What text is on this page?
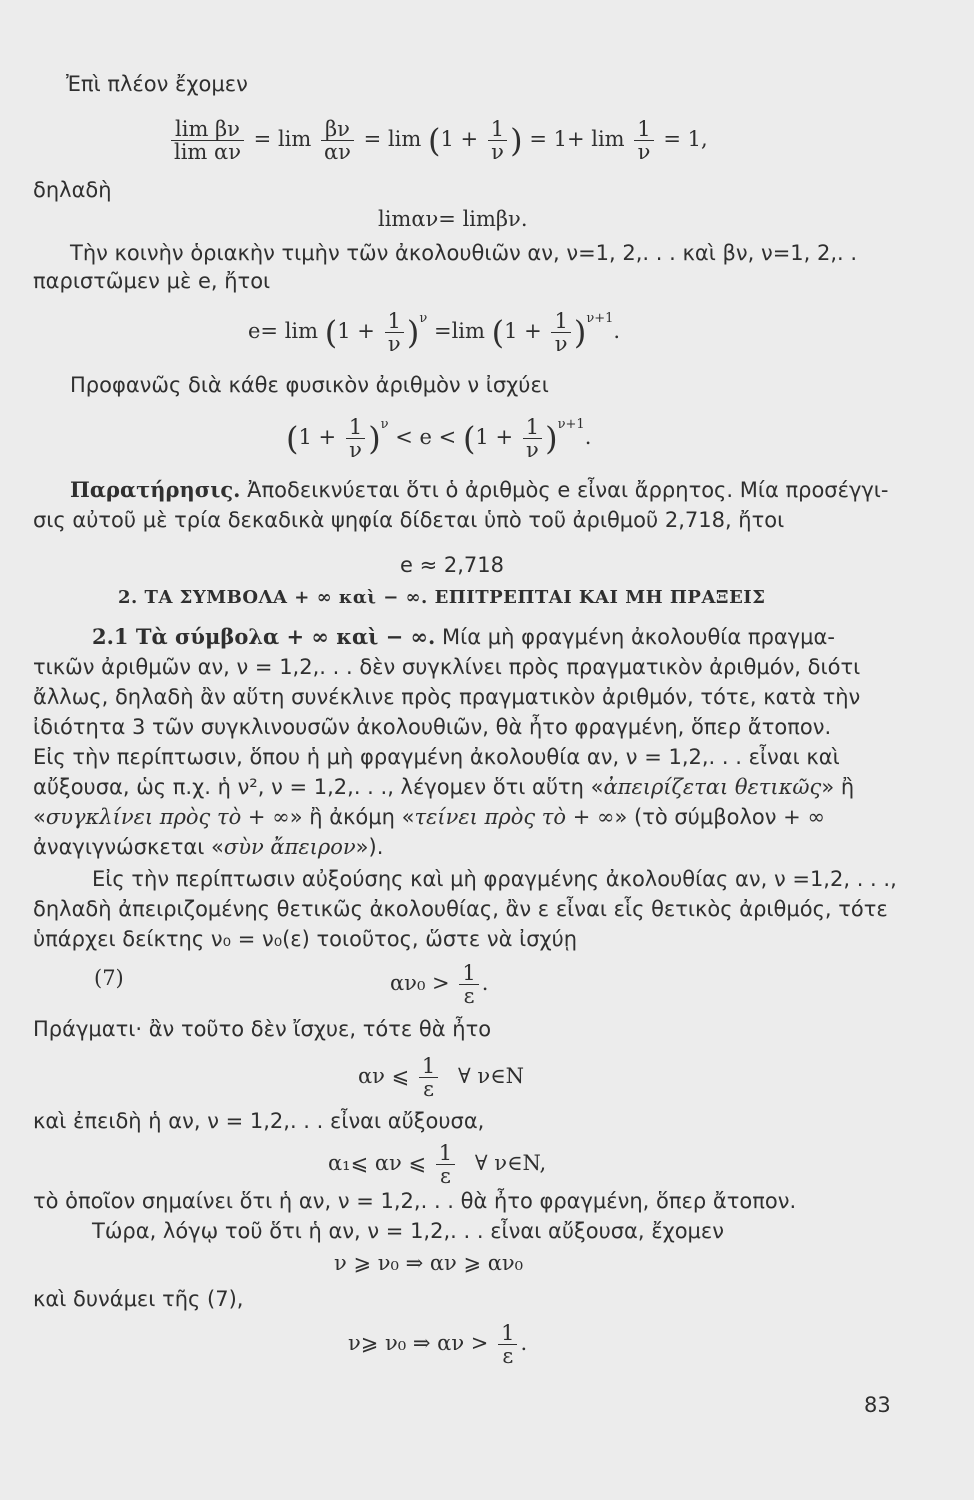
Ἐπὶ πλέον ἔχομεν
$\frac{\text{lim βν}}{\text{lim αν}} = \lim \frac{\beta\nu}{\alpha\nu} = \lim (1 + \frac{1}{\nu}$ ) = $1+ \lim \frac{1}{\nu} = 1$,
δηλαδὴ
limαν= limβν.
Τὴν κοινὴν ὁριακὴν τιμὴν τῶν ἀκολουθιῶν αν, ν=1, 2,. . . καὶ βν, ν=1, 2,. .
παριστῶμεν μὲ e, ἤτοι
$e= \lim (1 + \frac{1}{\nu} )^\nu =\lim$ $(1 + \frac{1}{\nu} )^{\nu+1}$.
Προφανῶς διὰ κάθε φυσικὸν ἀριθμὸν ν ἰσχύει
$(1 + \frac{1}{\nu} )^\nu < e < (1 + \frac{1}{\nu} )^{\nu+1}$.
Παρατήρησις. Ἀποδεικνύεται ὅτι ὁ ἀριθμὸς e εἶναι ἄρρητος. Μία προσέγγι-
σις αὐτοῦ μὲ τρία δεκαδικὰ ψηφία δίδεται ὑπὸ τοῦ ἀριθμοῦ 2,718, ἤτοι
e ≈ 2,718
2. ΤΑ ΣΥΜΒΟΛΑ + ∞ καὶ − ∞. ΕΠΙΤΡΕΠΤΑΙ ΚΑΙ ΜΗ ΠΡΑΞΕΙΣ
2.1 Τὰ σύμβολα + ∞ καὶ − ∞. Μία μὴ φραγμένη ἀκολουθία πραγμα-
τικῶν ἀριθμῶν αν, ν = 1,2,. . . δὲν συγκλίνει πρὸς πραγματικὸν ἀριθμόν, διότι
ἄλλως, δηλαδὴ ἂν αὕτη συνέκλινε πρὸς πραγματικὸν ἀριθμόν, τότε, κατὰ τὴν
ἰδιότητα 3 τῶν συγκλινουσῶν ἀκολουθιῶν, θὰ ἦτο φραγμένη, ὅπερ ἄτοπον.
Εἰς τὴν περίπτωσιν, ὅπου ἡ μὴ φραγμένη ἀκολουθία αν, ν = 1,2,. . . εἶναι καὶ
αὔξουσα, ὡς π.χ. ἡ ν², ν = 1,2,. . ., λέγομεν ὅτι αὕτη «ἀπειρίζεται θετικῶς» ἢ
«συγκλίνει πρὸς τὸ + ∞» ἢ ἀκόμη «τείνει πρὸς τὸ + ∞» (τὸ σύμβολον + ∞
ἀναγιγνώσκεται «σὺν ἄπειρον»).
Εἰς τὴν περίπτωσιν αὐξούσης καὶ μὴ φραγμένης ἀκολουθίας αν, ν =1,2, . . .,
δηλαδὴ ἀπειριζομένης θετικῶς ἀκολουθίας, ἂν ε εἶναι εἷς θετικὸς ἀριθμός, τότε
ὑπάρχει δείκτης ν₀ = ν₀(ε) τοιοῦτος, ὥστε νὰ ἰσχύῃ
(7)	$\alpha\nu_0 > \frac{1}{\varepsilon}$ .
Πράγματι· ἂν τοῦτο δὲν ἴσχυε, τότε θὰ ἦτο
αν ⩽ $\frac{1}{\varepsilon}$ ∀ ν∈N
καὶ ἐπειδὴ ἡ αν, ν = 1,2,. . . εἶναι αὔξουσα,
α₁⩽ αν ⩽ $\frac{1}{\varepsilon}$ ∀ ν∈N,
τὸ ὁποῖον σημαίνει ὅτι ἡ αν, ν = 1,2,. . . θὰ ἦτο φραγμένη, ὅπερ ἄτοπον.
Τώρα, λόγῳ τοῦ ὅτι ἡ αν, ν = 1,2,. . . εἶναι αὔξουσα, ἔχομεν
ν ⩾ ν₀ ⇒ αν ⩾ αν₀
καὶ δυνάμει τῆς (7),
ν⩾ ν₀ ⇒ $\alpha\nu > \frac{1}{\varepsilon}$ .
83
